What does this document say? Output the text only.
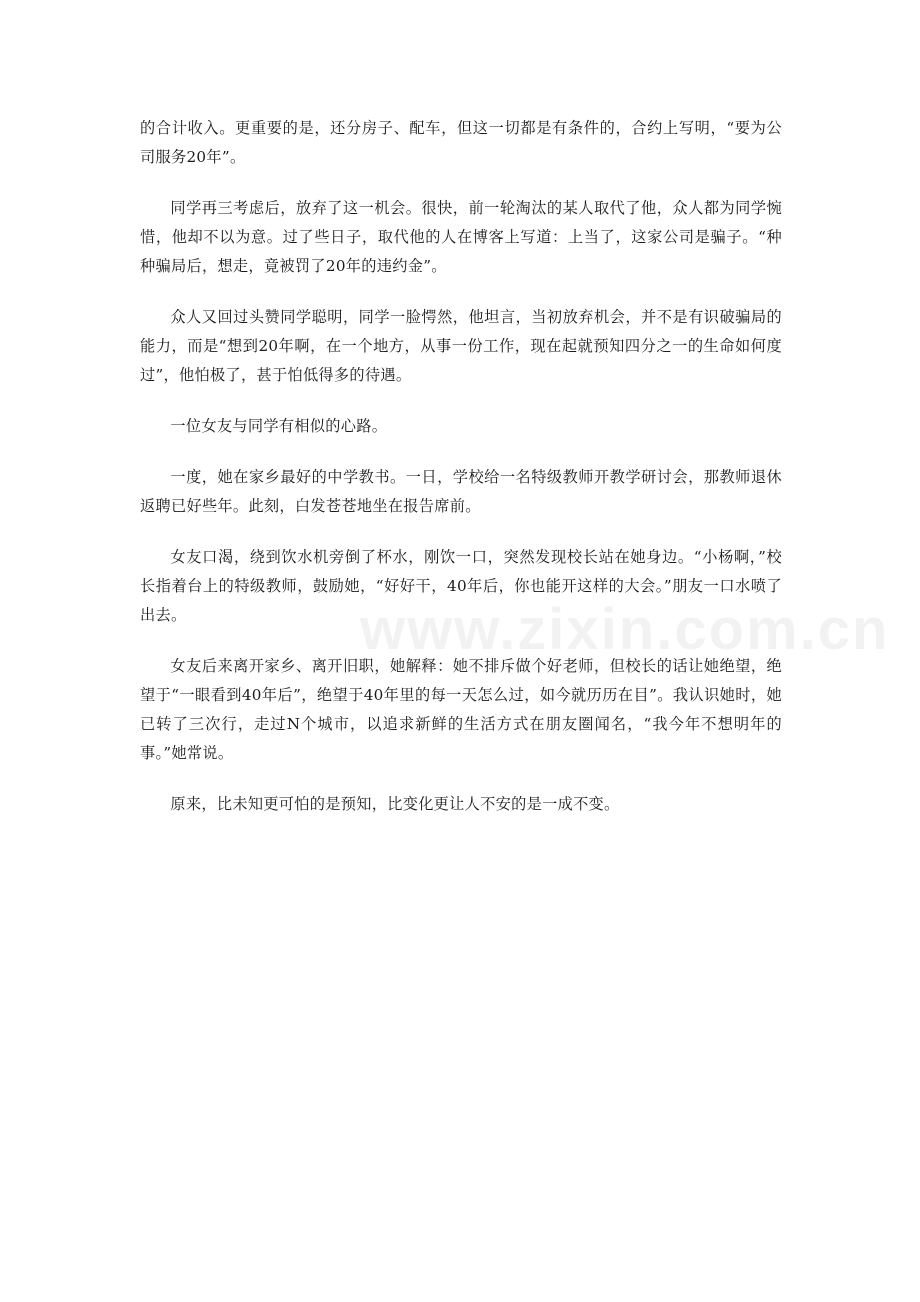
的合计收入。更重要的是，还分房子、配车，但这一切都是有条件的，合约上写明，“要为公司服务20年”。

同学再三考虑后，放弃了这一机会。很快，前一轮淘汰的某人取代了他，众人都为同学惋惜，他却不以为意。过了些日子，取代他的人在博客上写道：上当了，这家公司是骗子。“种种骗局后，想走，竟被罚了20年的违约金”。

众人又回过头赞同学聪明，同学一脸愕然，他坦言，当初放弃机会，并不是有识破骗局的能力，而是“想到20年啊，在一个地方，从事一份工作，现在起就预知四分之一的生命如何度过”，他怕极了，甚于怕低得多的待遇。

一位女友与同学有相似的心路。

一度，她在家乡最好的中学教书。一日，学校给一名特级教师开教学研讨会，那教师退休返聘已好些年。此刻，白发苍苍地坐在报告席前。

女友口渴，绕到饮水机旁倒了杯水，刚饮一口，突然发现校长站在她身边。“小杨啊，”校长指着台上的特级教师，鼓励她，“好好干，40年后，你也能开这样的大会。”朋友一口水喷了出去。

女友后来离开家乡、离开旧职，她解释：她不排斥做个好老师，但校长的话让她绝望，绝望于“一眼看到40年后”，绝望于40年里的每一天怎么过，如今就历历在目”。我认识她时，她已转了三次行，走过N个城市，以追求新鲜的生活方式在朋友圈闻名，“我今年不想明年的事。”她常说。

原来，比未知更可怕的是预知，比变化更让人不安的是一成不变。

www.zixin.com.cn
